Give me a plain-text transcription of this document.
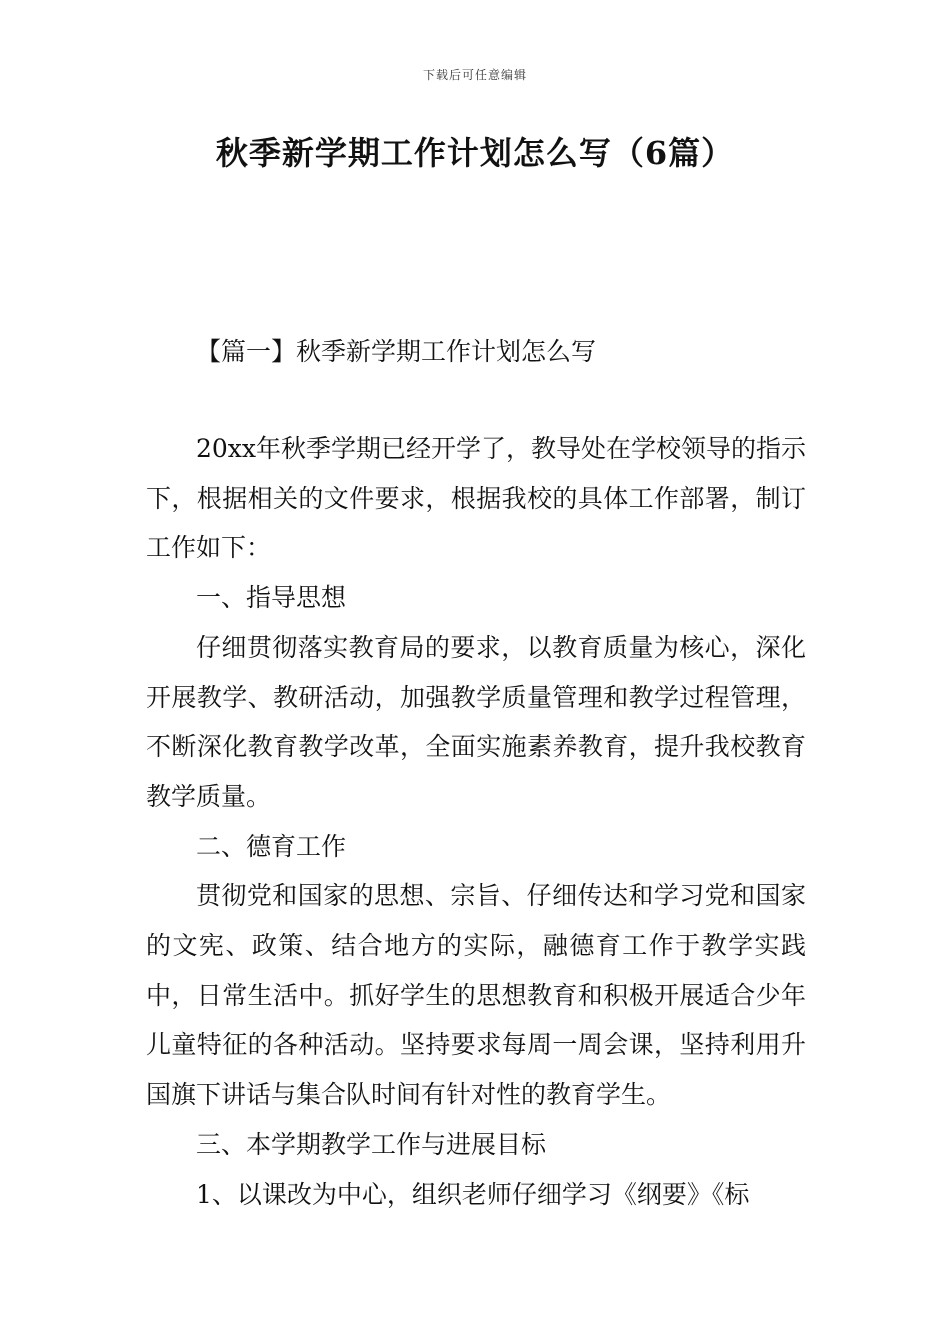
下载后可任意编辑
秋季新学期工作计划怎么写（6篇）
【篇一】秋季新学期工作计划怎么写

20xx年秋季学期已经开学了，教导处在学校领导的指示下，根据相关的文件要求，根据我校的具体工作部署，制订工作如下：

一、指导思想

仔细贯彻落实教育局的要求，以教育质量为核心，深化开展教学、教研活动，加强教学质量管理和教学过程管理，不断深化教育教学改革，全面实施素养教育，提升我校教育教学质量。

二、德育工作

贯彻党和国家的思想、宗旨、仔细传达和学习党和国家的文宪、政策、结合地方的实际，融德育工作于教学实践中，日常生活中。抓好学生的思想教育和积极开展适合少年儿童特征的各种活动。坚持要求每周一周会课，坚持利用升国旗下讲话与集合队时间有针对性的教育学生。

三、本学期教学工作与进展目标

1、以课改为中心，组织老师仔细学习《纲要》《标
